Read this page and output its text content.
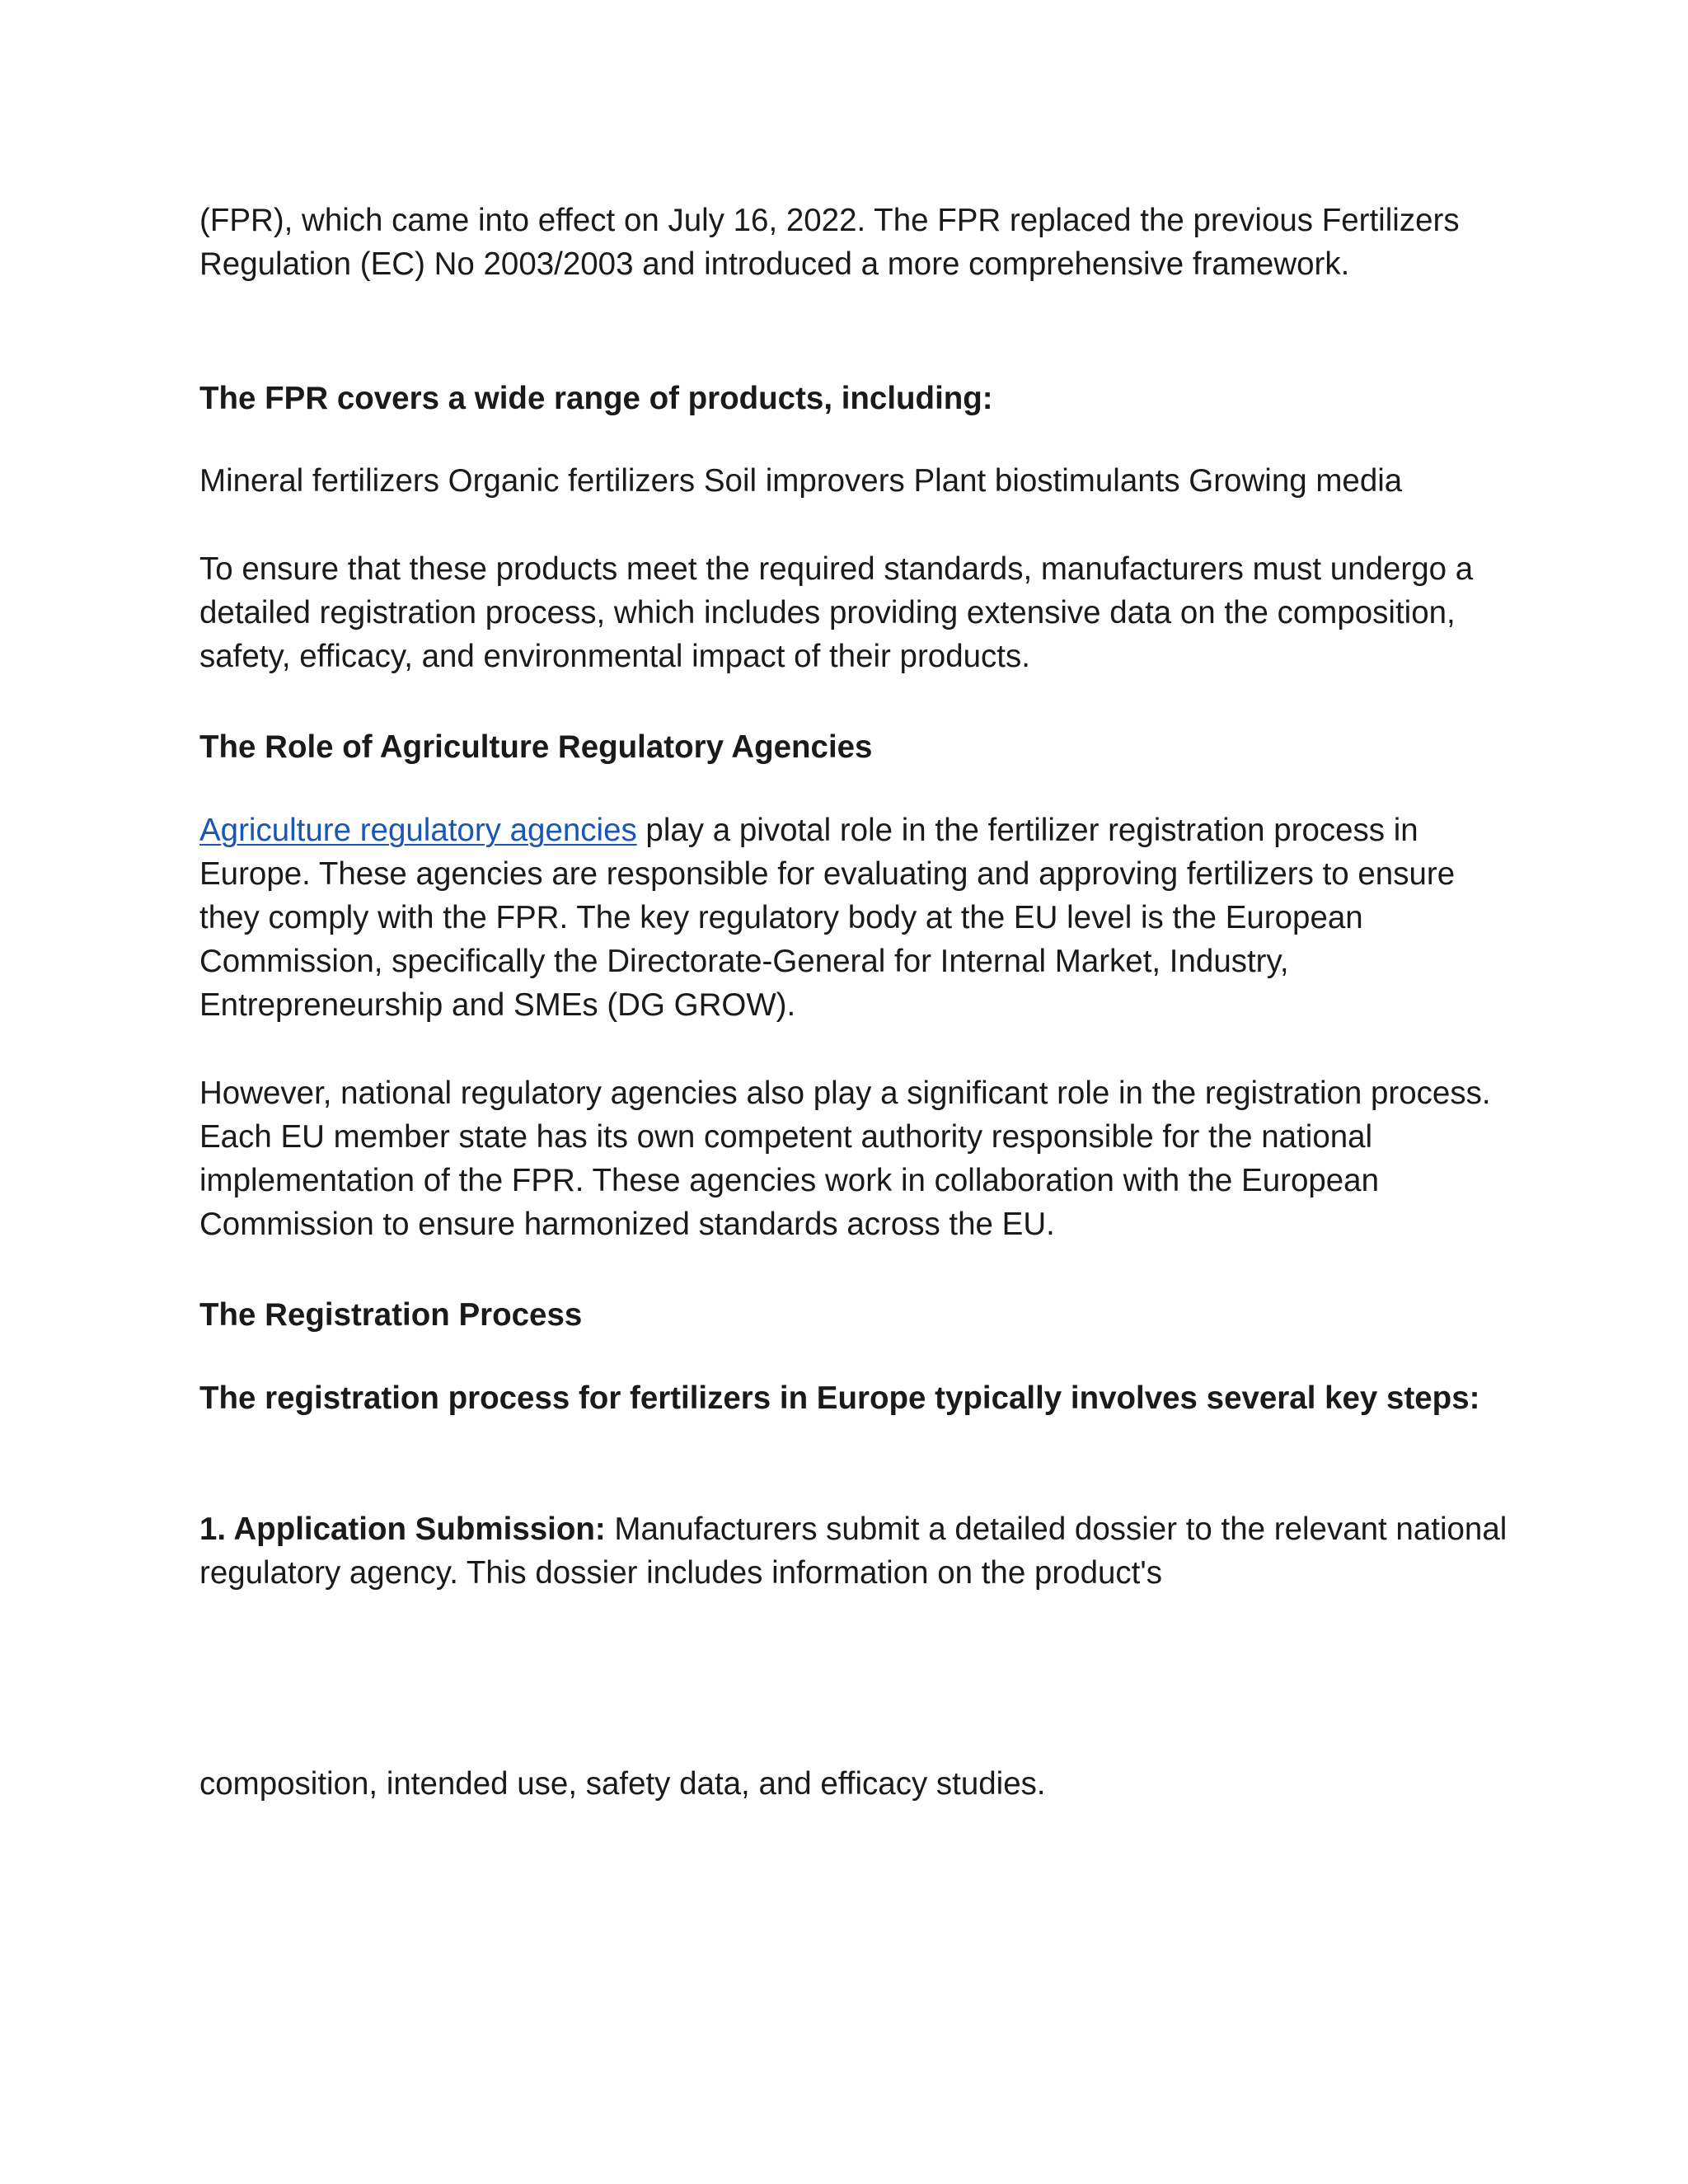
(FPR), which came into effect on July 16, 2022. The FPR replaced the previous Fertilizers Regulation (EC) No 2003/2003 and introduced a more comprehensive framework.

The FPR covers a wide range of products, including:

Mineral fertilizers Organic fertilizers Soil improvers Plant biostimulants Growing media

To ensure that these products meet the required standards, manufacturers must undergo a detailed registration process, which includes providing extensive data on the composition, safety, efficacy, and environmental impact of their products.

The Role of Agriculture Regulatory Agencies

Agriculture regulatory agencies play a pivotal role in the fertilizer registration process in Europe. These agencies are responsible for evaluating and approving fertilizers to ensure they comply with the FPR. The key regulatory body at the EU level is the European Commission, specifically the Directorate-General for Internal Market, Industry, Entrepreneurship and SMEs (DG GROW).

However, national regulatory agencies also play a significant role in the registration process. Each EU member state has its own competent authority responsible for the national implementation of the FPR. These agencies work in collaboration with the European Commission to ensure harmonized standards across the EU.

The Registration Process

The registration process for fertilizers in Europe typically involves several key steps:

1. Application Submission: Manufacturers submit a detailed dossier to the relevant national regulatory agency. This dossier includes information on the product's

composition, intended use, safety data, and efficacy studies.
